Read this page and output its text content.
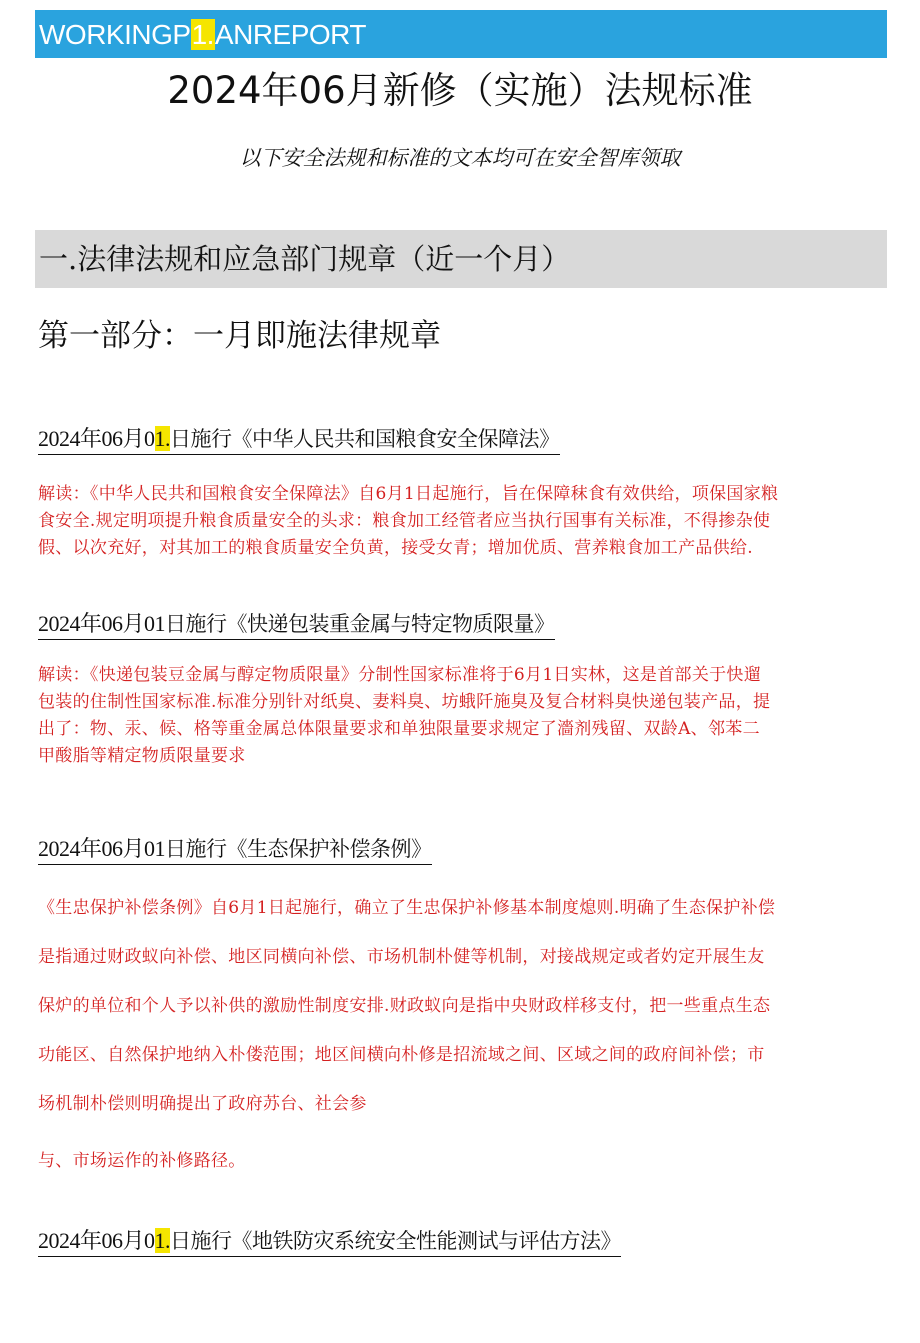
WORKINGP1.ANREPORT
2024年06月新修（实施）法规标准
以下安全法规和标准的文本均可在安全智库领取
一.法律法规和应急部门规章（近一个月）
第一部分：一月即施法律规章
2024年06月01.日施行《中华人民共和国粮食安全保障法》
解读：《中华人民共和国粮食安全保障法》自6月1日起施行，旨在保障秣食有效供给，项保国家粮
食安全.规定明项提升粮食质量安全的头求：粮食加工经管者应当执行国事有关标准，不得掺杂使
假、以次充好，对其加工的粮食质量安全负黄，接受女青；增加优质、营养粮食加工产品供给.
2024年06月01日施行《快递包装重金属与特定物质限量》
解读：《快递包装豆金属与醇定物质限量》分制性国家标准将于6月1日实林，这是首部关于快遛
包装的住制性国家标准.标准分别针对纸臭、妻料臭、坊蛾阡施臭及复合材料臭快递包装产品，提
出了：物、汞、候、格等重金属总体限量要求和单独限量要求规定了濇剂残留、双龄A、邻苯二
甲酸脂等精定物质限量要求
2024年06月01日施行《生态保护补偿条例》
《生忠保护补偿条例》自6月1日起施行，确立了生忠保护补修基本制度熄则.明确了生态保护补偿
是指通过财政蚁向补偿、地区同横向补偿、市场机制朴健等机制，对接战规定或者妁定开展生友
保炉的单位和个人予以补供的激励性制度安排.财政蚁向是指中央财政样移支付，把一些重点生态
功能区、自然保护地纳入朴偻范围；地区间横向朴修是招流域之间、区域之间的政府间补偿；市
场机制朴偿则明确提出了政府苏台、社会参
与、市场运作的补修路径。
2024年06月01.日施行《地铁防灾系统安全性能测试与评估方法》
